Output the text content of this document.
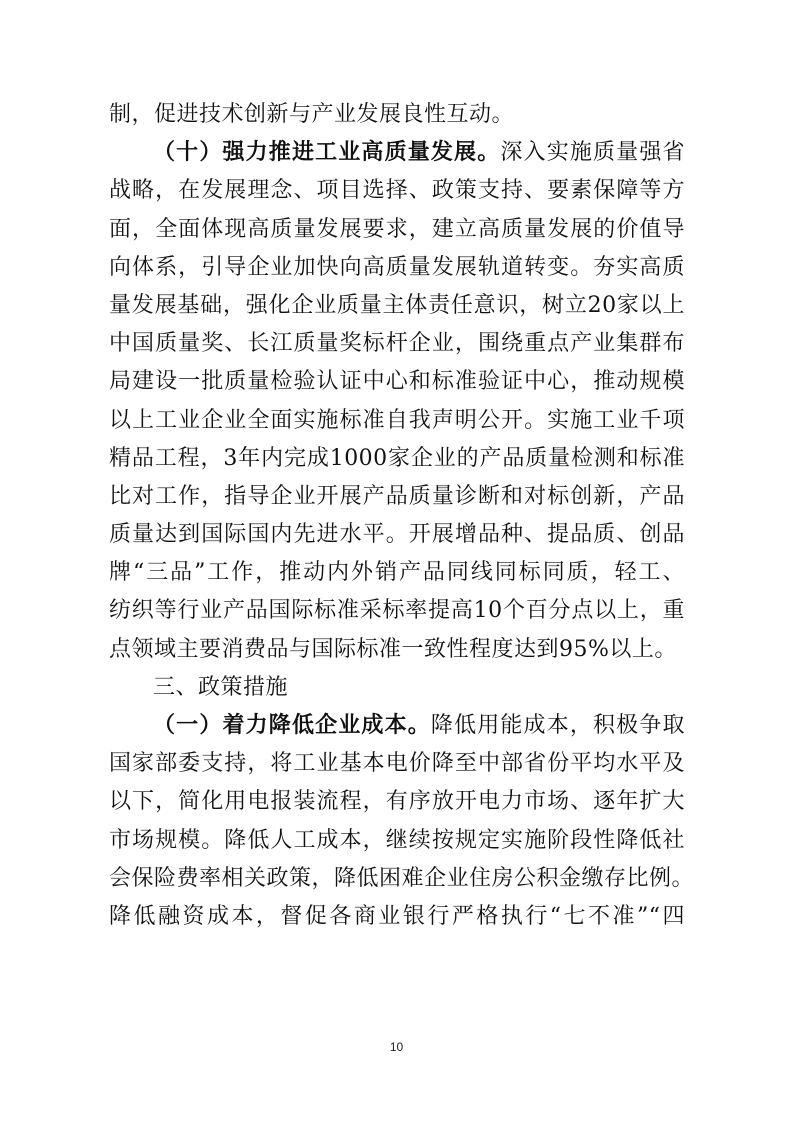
制，促进技术创新与产业发展良性互动。
（十）强力推进工业高质量发展。深入实施质量强省
战略，在发展理念、项目选择、政策支持、要素保障等方
面，全面体现高质量发展要求，建立高质量发展的价值导
向体系，引导企业加快向高质量发展轨道转变。夯实高质
量发展基础，强化企业质量主体责任意识，树立20家以上
中国质量奖、长江质量奖标杆企业，围绕重点产业集群布
局建设一批质量检验认证中心和标准验证中心，推动规模
以上工业企业全面实施标准自我声明公开。实施工业千项
精品工程，3年内完成1000家企业的产品质量检测和标准
比对工作，指导企业开展产品质量诊断和对标创新，产品
质量达到国际国内先进水平。开展增品种、提品质、创品
牌“三品”工作，推动内外销产品同线同标同质，轻工、
纺织等行业产品国际标准采标率提高10个百分点以上，重
点领域主要消费品与国际标准一致性程度达到95%以上。
三、政策措施
（一）着力降低企业成本。降低用能成本，积极争取
国家部委支持，将工业基本电价降至中部省份平均水平及
以下，简化用电报装流程，有序放开电力市场、逐年扩大
市场规模。降低人工成本，继续按规定实施阶段性降低社
会保险费率相关政策，降低困难企业住房公积金缴存比例。
降低融资成本，督促各商业银行严格执行“七不准”“四
10
